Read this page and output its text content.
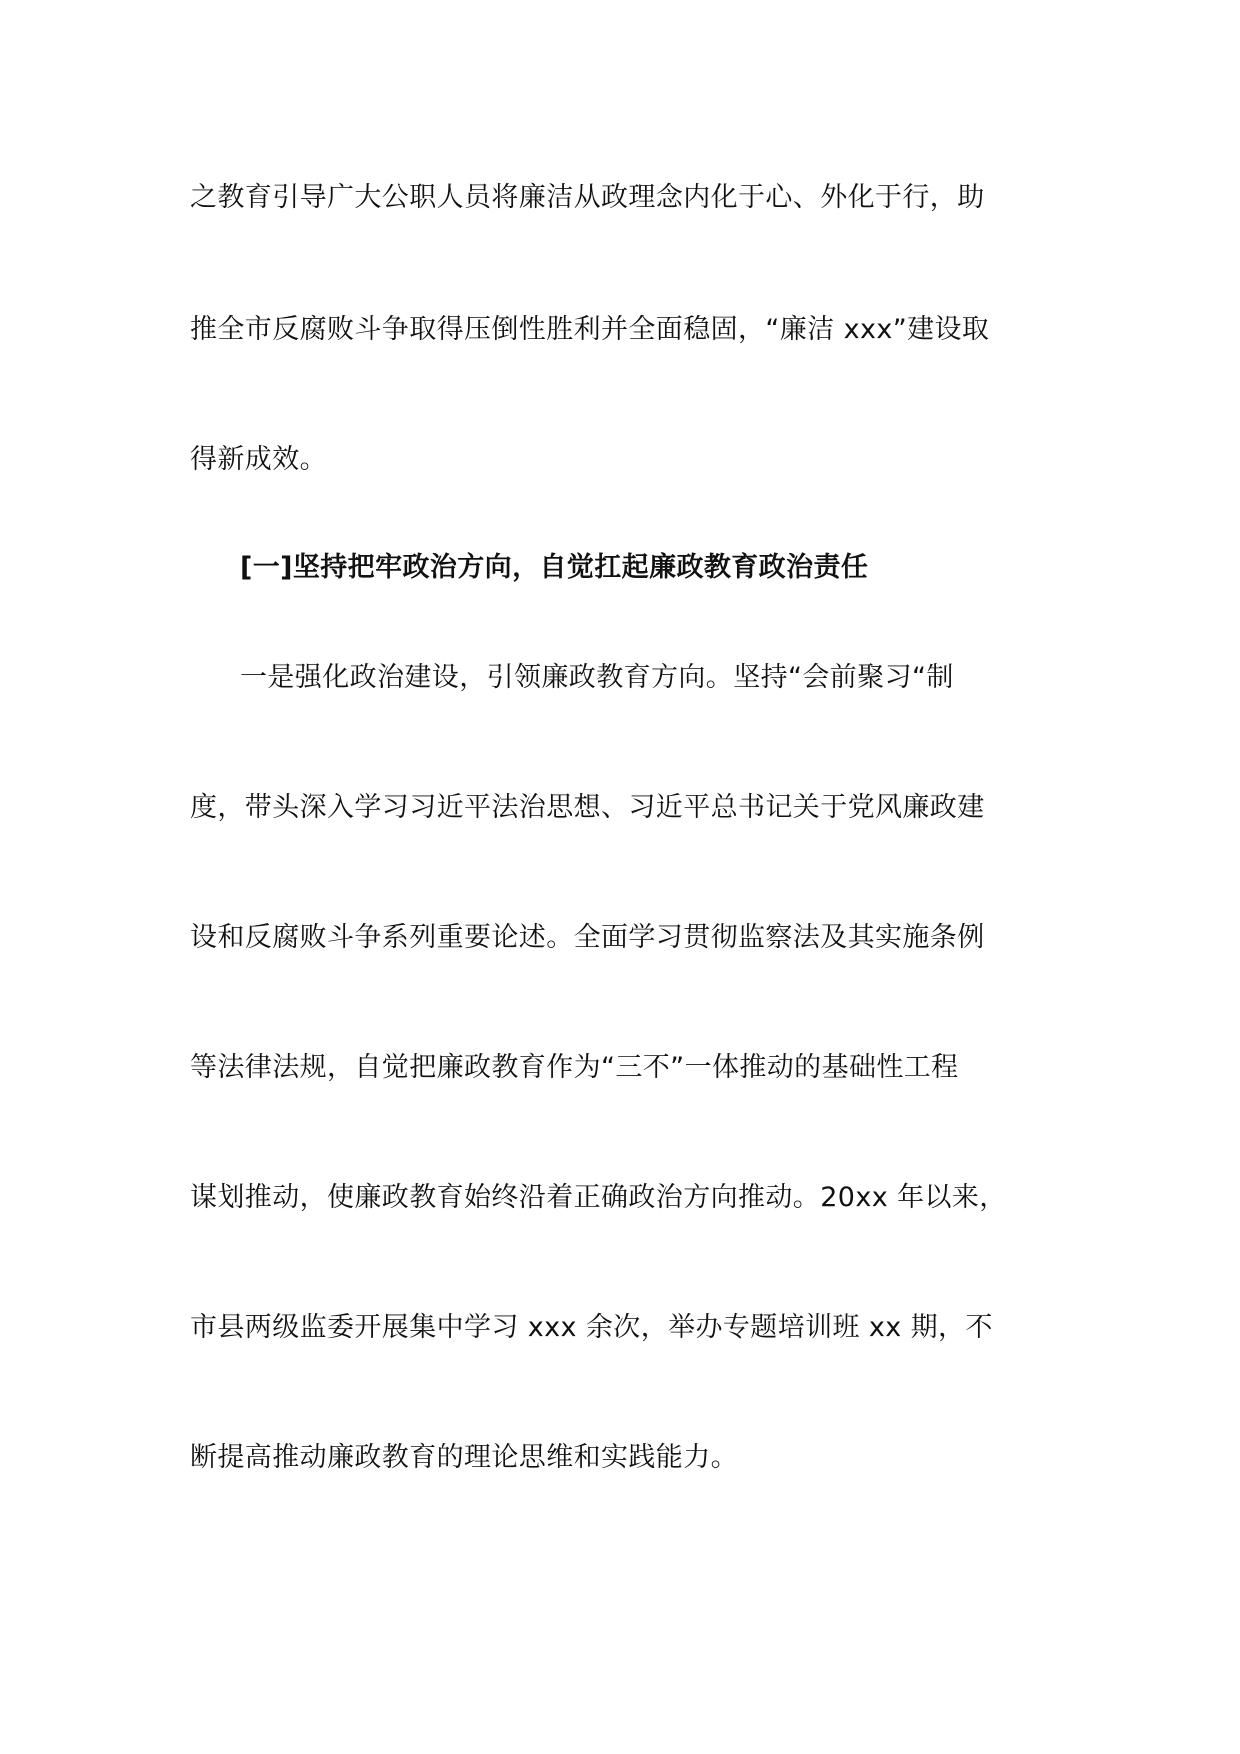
之教育引导广大公职人员将廉洁从政理念内化于心、外化于行，助
推全市反腐败斗争取得压倒性胜利并全面稳固，“廉洁 xxx”建设取
得新成效。
[一]坚持把牢政治方向，自觉扛起廉政教育政治责任
一是强化政治建设，引领廉政教育方向。坚持“会前聚习“制
度，带头深入学习习近平法治思想、习近平总书记关于党风廉政建
设和反腐败斗争系列重要论述。全面学习贯彻监察法及其实施条例
等法律法规，自觉把廉政教育作为“三不”一体推动的基础性工程
谋划推动，使廉政教育始终沿着正确政治方向推动。20xx 年以来，
市县两级监委开展集中学习 xxx 余次，举办专题培训班 xx 期，不
断提高推动廉政教育的理论思维和实践能力。
